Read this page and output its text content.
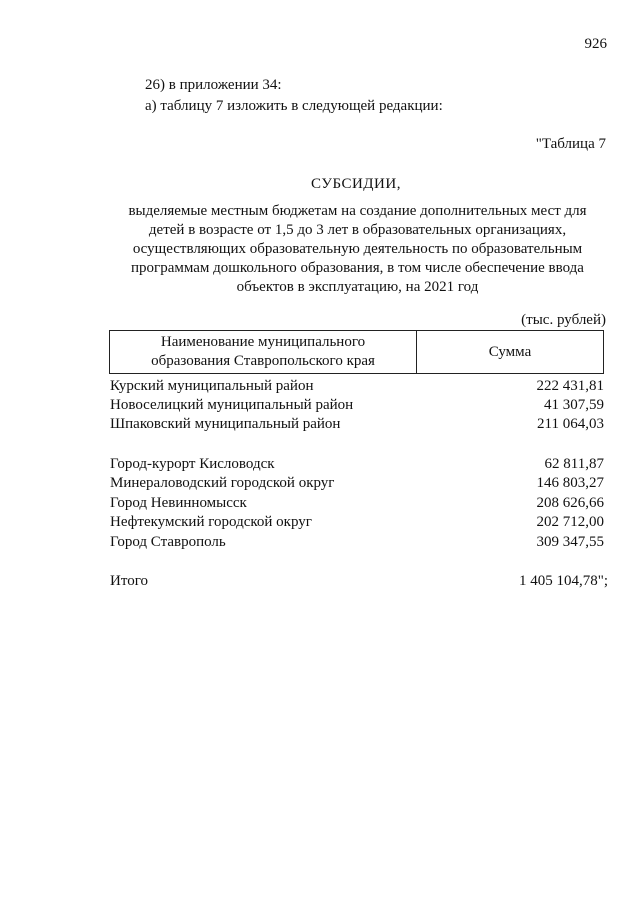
926
26) в приложении 34:
а) таблицу 7 изложить в следующей редакции:
"Таблица 7
СУБСИДИИ,
выделяемые местным бюджетам на создание дополнительных мест для
детей в возрасте от 1,5 до 3 лет в образовательных организациях,
осуществляющих образовательную деятельность по образовательным
программам дошкольного образования, в том числе обеспечение ввода
объектов в эксплуатацию, на 2021 год
(тыс. рублей)
Наименование муниципального
образования Ставропольского края
Сумма
Курский муниципальный район	222 431,81
Новоселицкий муниципальный район	41 307,59
Шпаковский муниципальный район	211 064,03
Город-курорт Кисловодск	62 811,87
Минераловодский городской округ	146 803,27
Город Невинномысск	208 626,66
Нефтекумский городской округ	202 712,00
Город Ставрополь	309 347,55
Итого	1 405 104,78";
